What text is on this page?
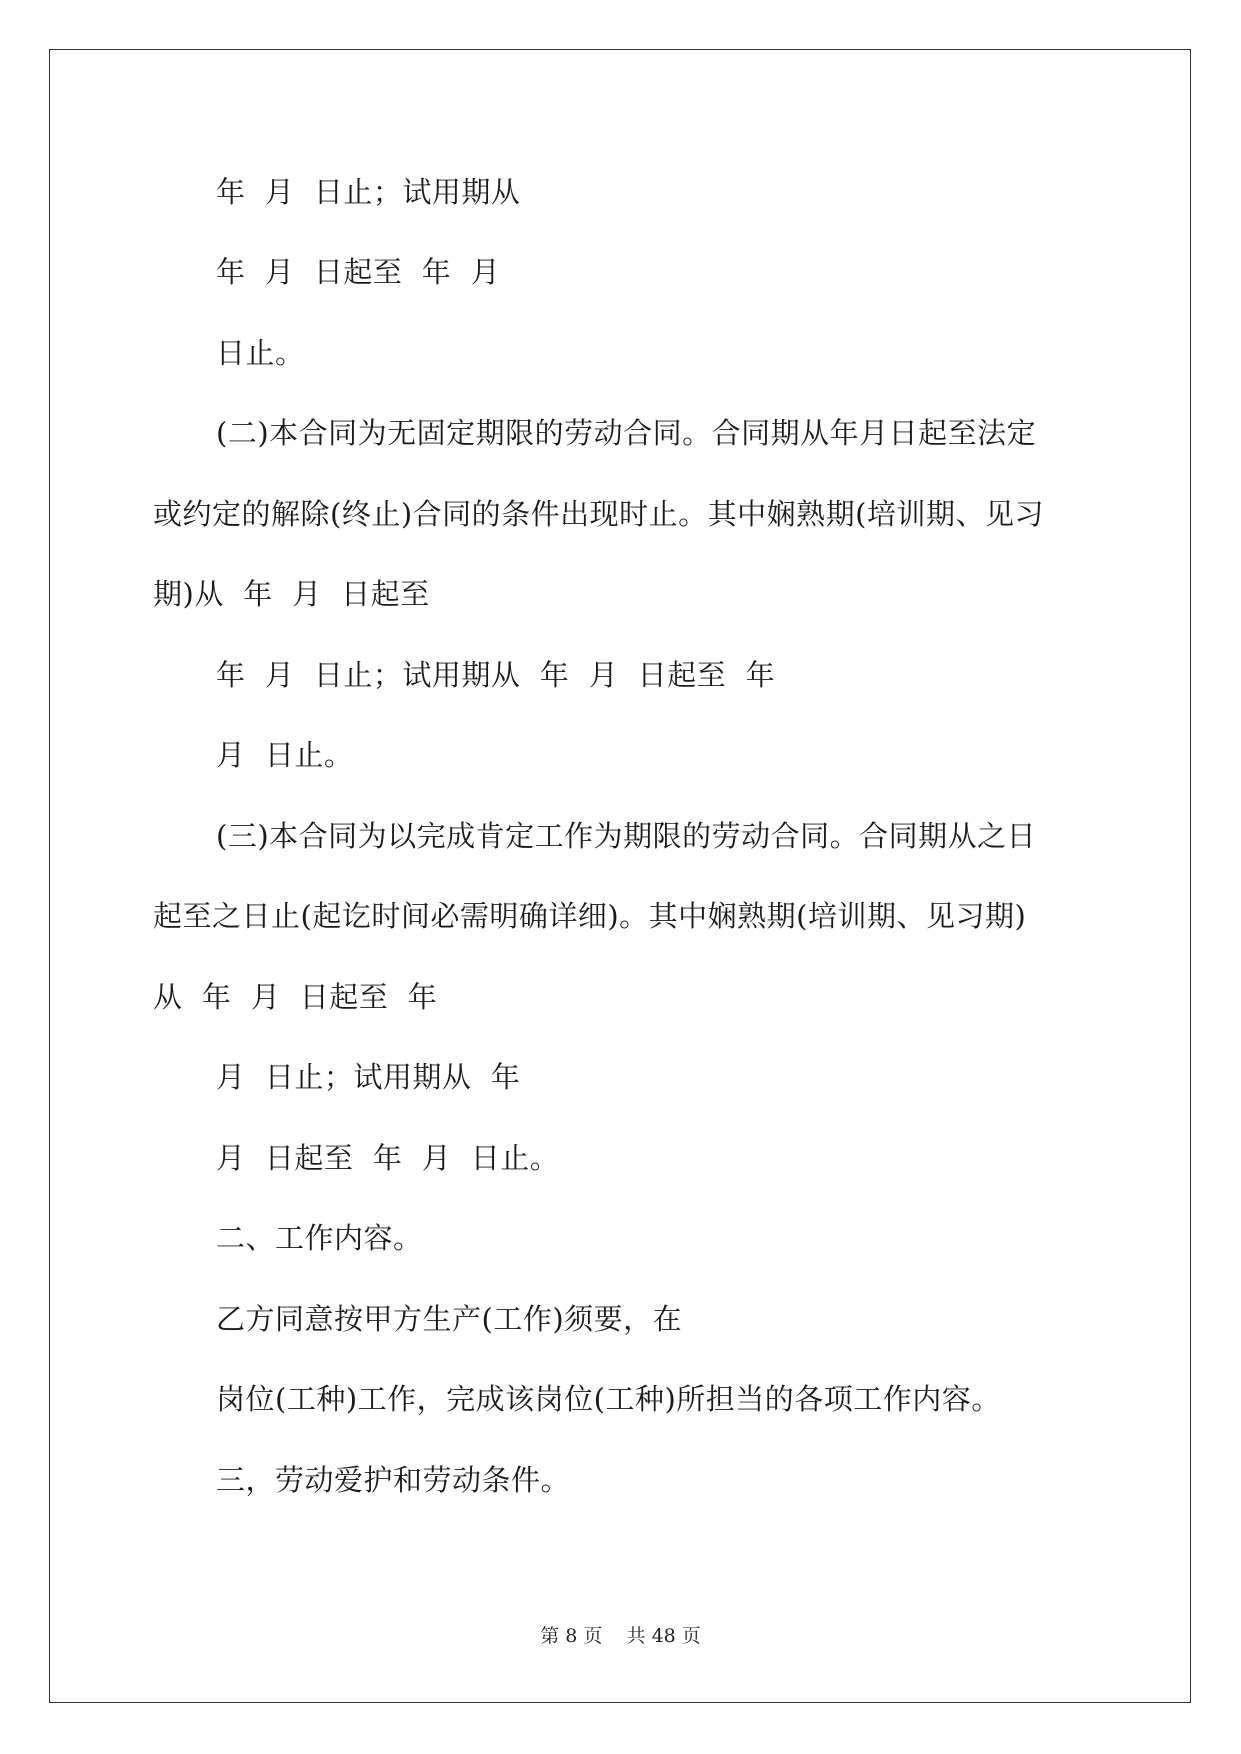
年  月  日止；试用期从
年  月  日起至  年  月
日止。
(二)本合同为无固定期限的劳动合同。合同期从年月日起至法定
或约定的解除(终止)合同的条件出现时止。其中娴熟期(培训期、见习
期)从  年  月  日起至
年  月  日止；试用期从  年  月  日起至  年
月  日止。
(三)本合同为以完成肯定工作为期限的劳动合同。合同期从之日
起至之日止(起讫时间必需明确详细)。其中娴熟期(培训期、见习期)
从  年  月  日起至  年
月  日止；试用期从  年
月  日起至  年  月  日止。
二、工作内容。
乙方同意按甲方生产(工作)须要，在
岗位(工种)工作，完成该岗位(工种)所担当的各项工作内容。
三，劳动爱护和劳动条件。
第 8 页    共 48 页
